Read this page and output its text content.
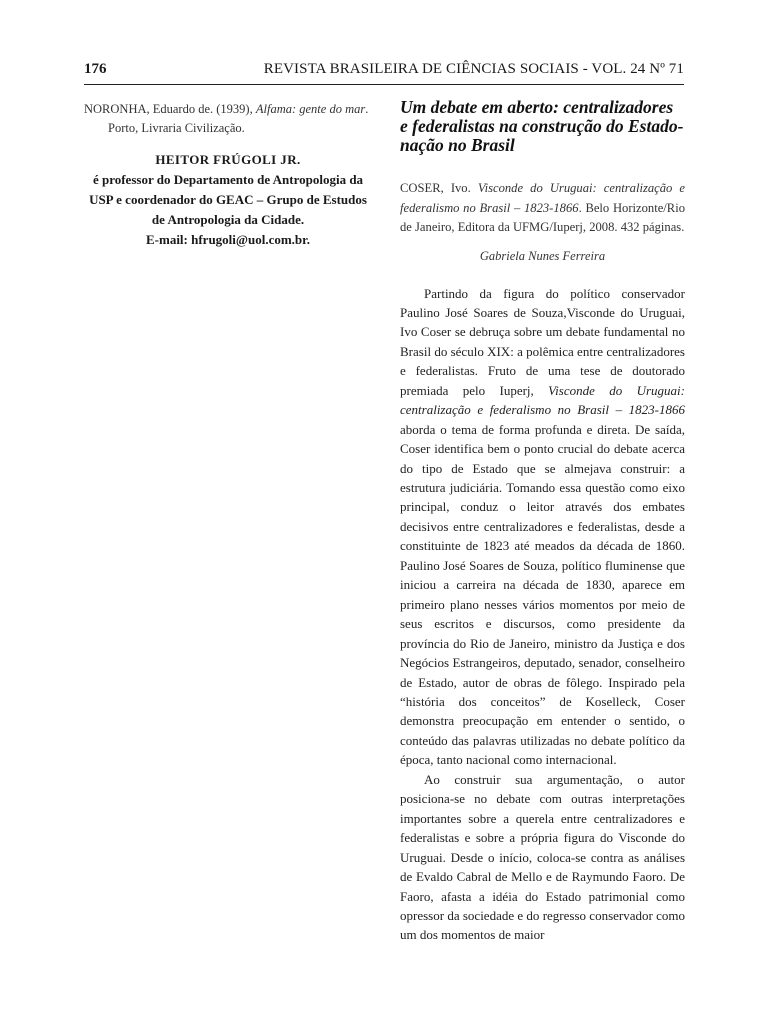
176	REVISTA BRASILEIRA DE CIÊNCIAS SOCIAIS - VOL. 24 Nº 71

NORONHA, Eduardo de. (1939), Alfama: gente do mar. Porto, Livraria Civilização.

HEITOR FRÚGOLI JR.
é professor do Departamento de Antropologia da USP e coordenador do GEAC – Grupo de Estudos de Antropologia da Cidade.
E-mail: hfrugoli@uol.com.br.
Um debate em aberto: centralizadores e federalistas na construção do Estado-nação no Brasil
COSER, Ivo. Visconde do Uruguai: centralização e federalismo no Brasil – 1823-1866. Belo Horizonte/Rio de Janeiro, Editora da UFMG/Iuperj, 2008. 432 páginas.
Gabriela Nunes Ferreira

Partindo da figura do político conservador Paulino José Soares de Souza,Visconde do Uruguai, Ivo Coser se debruça sobre um debate fundamental no Brasil do século XIX: a polêmica entre centralizadores e federalistas. Fruto de uma tese de doutorado premiada pelo Iuperj, Visconde do Uruguai: centralização e federalismo no Brasil – 1823-1866 aborda o tema de forma profunda e direta. De saída, Coser identifica bem o ponto crucial do debate acerca do tipo de Estado que se almejava construir: a estrutura judiciária. Tomando essa questão como eixo principal, conduz o leitor através dos embates decisivos entre centralizadores e federalistas, desde a constituinte de 1823 até meados da década de 1860. Paulino José Soares de Souza, político fluminense que iniciou a carreira na década de 1830, aparece em primeiro plano nesses vários momentos por meio de seus escritos e discursos, como presidente da província do Rio de Janeiro, ministro da Justiça e dos Negócios Estrangeiros, deputado, senador, conselheiro de Estado, autor de obras de fôlego. Inspirado pela “história dos conceitos” de Koselleck, Coser demonstra preocupação em entender o sentido, o conteúdo das palavras utilizadas no debate político da época, tanto nacional como internacional.

Ao construir sua argumentação, o autor posiciona-se no debate com outras interpretações importantes sobre a querela entre centralizadores e federalistas e sobre a própria figura do Visconde do Uruguai. Desde o início, coloca-se contra as análises de Evaldo Cabral de Mello e de Raymundo Faoro. De Faoro, afasta a idéia do Estado patrimonial como opressor da sociedade e do regresso conservador como um dos momentos de maior
